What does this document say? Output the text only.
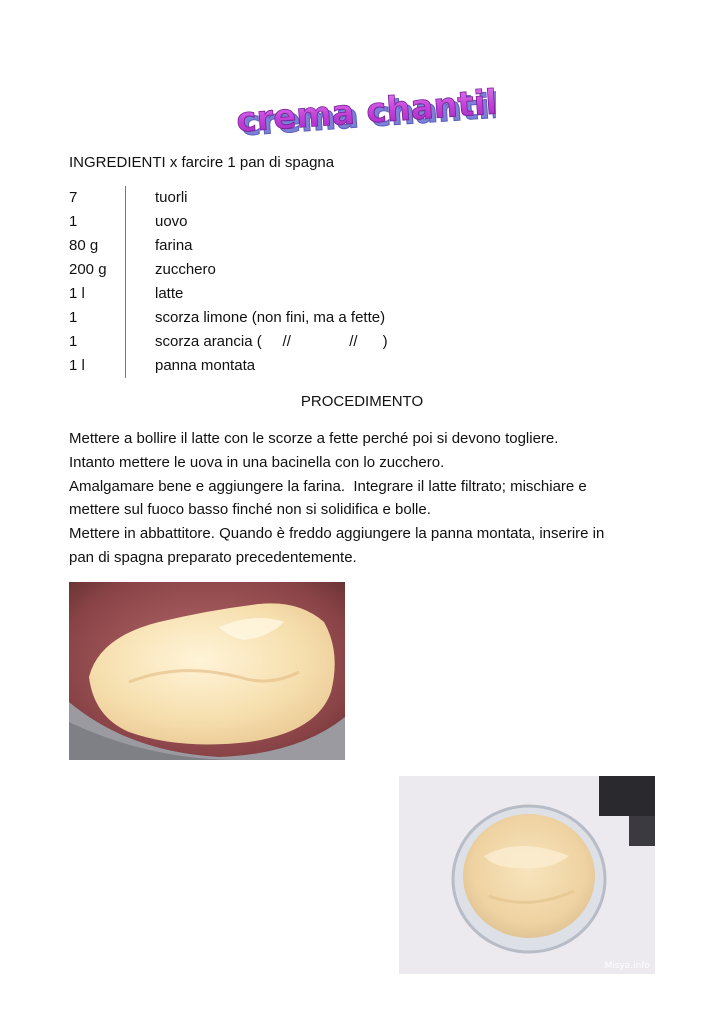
crema chantilly
crema chantilly
INGREDIENTI x farcire 1 pan di spagna
7	tuorli
1	uovo
80 g	farina
200 g	zucchero
1 l	latte
1	scorza limone (non fini, ma a fette)
1	scorza arancia (     //              //      )
1 l	panna montata
PROCEDIMENTO
Mettere a bollire il latte con le scorze a fette perché poi si devono togliere.
Intanto mettere le uova in una bacinella con lo zucchero.
Amalgamare bene e aggiungere la farina.  Integrare il latte filtrato; mischiare e
mettere sul fuoco basso finché non si solidifica e bolle.
Mettere in abbattitore. Quando è freddo aggiungere la panna montata, inserire in
pan di spagna preparato precedentemente.
Misya.info
